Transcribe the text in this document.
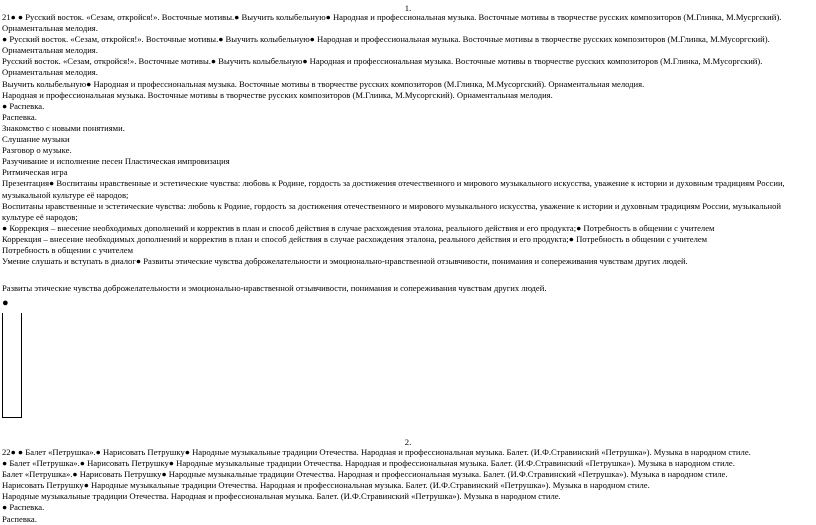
1.
21● ● Русский восток. «Сезам, откройся!». Восточные мотивы.● Выучить колыбельную● Народная и профессиональная музыка. Восточные мотивы в творчестве русских композиторов (М.Глинка, М.Мусргский). Орнаментальная мелодия.
● Русский восток. «Сезам, откройся!». Восточные мотивы.● Выучить колыбельную● Народная и профессиональная музыка. Восточные мотивы в творчестве русских композиторов (М.Глинка, М.Мусоргский). Орнаментальная мелодия.
Русский восток. «Сезам, откройся!». Восточные мотивы.● Выучить колыбельную● Народная и профессиональная музыка. Восточные мотивы в творчестве русских композиторов (М.Глинка, М.Мусоргский). Орнаментальная мелодия.
Выучить колыбельную● Народная и профессиональная музыка. Восточные мотивы в творчестве русских композиторов (М.Глинка, М.Мусоргский). Орнаментальная мелодия.
Народная и профессиональная музыка. Восточные мотивы в творчестве русских композиторов (М.Глинка, М.Мусоргский). Орнаментальная мелодия.
● Распевка.
Распевка.
Знакомство с новыми понятиями.
Слушание музыки
Разговор о музыке.
Разучивание и исполнение песен Пластическая импровизация
Ритмическая игра
Презентация● Воспитаны нравственные и эстетические чувства: любовь к Родине, гордость за достижения отечественного и мирового музыкального искусства, уважение к истории и духовным традициям России, музыкальной культуре её народов;
Воспитаны нравственные и эстетические чувства: любовь к Родине, гордость за достижения отечественного и мирового музыкального искусства, уважение к истории и духовным традициям России, музыкальной культуре её народов;
● Коррекция – внесение необходимых дополнений и корректив в план и способ действия в случае расхождения эталона, реального действия и его продукта;● Потребность в общении с учителем
Коррекция – внесение необходимых дополнений и корректив в план и способ действия в случае расхождения эталона, реального действия и его продукта;● Потребность в общении с учителем
Потребность в общении с учителем
Умение слушать и вступать в диалог● Развиты этические чувства доброжелательности и эмоционально-нравственной отзывчивости, понимания и сопереживания чувствам других людей.
Развиты этические чувства доброжелательности и эмоционально-нравственной отзывчивости, понимания и сопереживания чувствам других людей.
●
2.
22● ● Балет «Петрушка».● Нарисовать Петрушку● Народные музыкальные традиции Отечества. Народная и профессиональная музыка. Балет. (И.Ф.Стравинский «Петрушка»). Музыка в народном стиле.
● Балет «Петрушка».● Нарисовать Петрушку● Народные музыкальные традиции Отечества. Народная и профессиональная музыка. Балет. (И.Ф.Стравинский «Петрушка»). Музыка в народном стиле.
Балет «Петрушка».● Нарисовать Петрушку● Народные музыкальные традиции Отечества. Народная и профессиональная музыка. Балет. (И.Ф.Стравинский «Петрушка»). Музыка в народном стиле.
Нарисовать Петрушку● Народные музыкальные традиции Отечества. Народная и профессиональная музыка. Балет. (И.Ф.Стравинский «Петрушка»). Музыка в народном стиле.
Народные музыкальные традиции Отечества. Народная и профессиональная музыка. Балет. (И.Ф.Стравинский «Петрушка»). Музыка в народном стиле.
● Распевка.
Распевка.
